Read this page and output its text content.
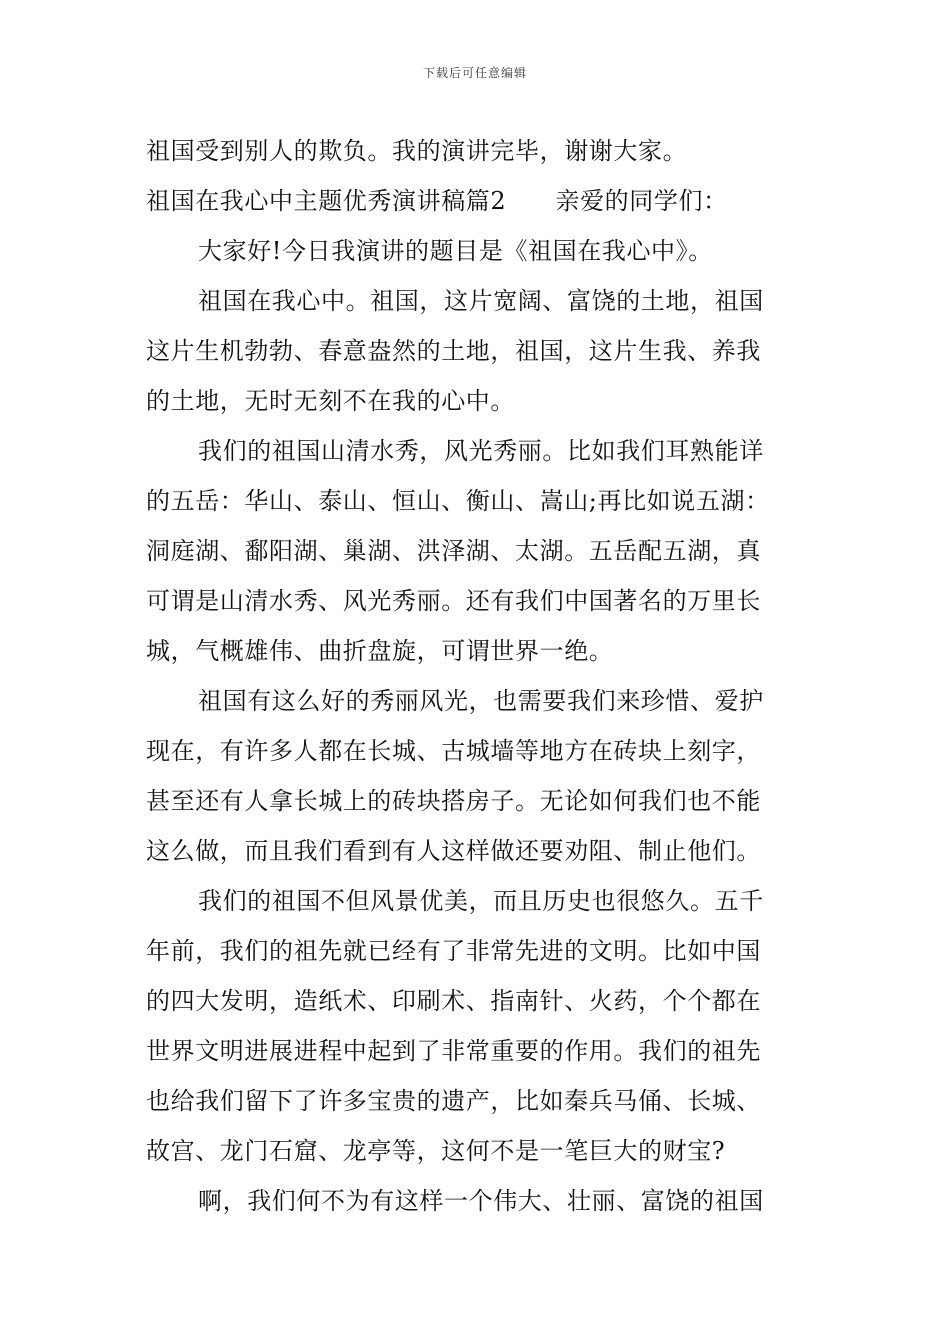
下载后可任意编辑
祖国受到别人的欺负。我的演讲完毕，谢谢大家。
祖国在我心中主题优秀演讲稿篇2　　亲爱的同学们：
大家好!今日我演讲的题目是《祖国在我心中》。
祖国在我心中。祖国，这片宽阔、富饶的土地，祖国
这片生机勃勃、春意盎然的土地，祖国，这片生我、养我
的土地，无时无刻不在我的心中。
我们的祖国山清水秀，风光秀丽。比如我们耳熟能详
的五岳：华山、泰山、恒山、衡山、嵩山;再比如说五湖：
洞庭湖、鄱阳湖、巢湖、洪泽湖、太湖。五岳配五湖，真
可谓是山清水秀、风光秀丽。还有我们中国著名的万里长
城，气概雄伟、曲折盘旋，可谓世界一绝。
祖国有这么好的秀丽风光，也需要我们来珍惜、爱护
现在，有许多人都在长城、古城墙等地方在砖块上刻字，
甚至还有人拿长城上的砖块搭房子。无论如何我们也不能
这么做，而且我们看到有人这样做还要劝阻、制止他们。
我们的祖国不但风景优美，而且历史也很悠久。五千
年前，我们的祖先就已经有了非常先进的文明。比如中国
的四大发明，造纸术、印刷术、指南针、火药，个个都在
世界文明进展进程中起到了非常重要的作用。我们的祖先
也给我们留下了许多宝贵的遗产，比如秦兵马俑、长城、
故宫、龙门石窟、龙亭等，这何不是一笔巨大的财宝?
啊，我们何不为有这样一个伟大、壮丽、富饶的祖国
